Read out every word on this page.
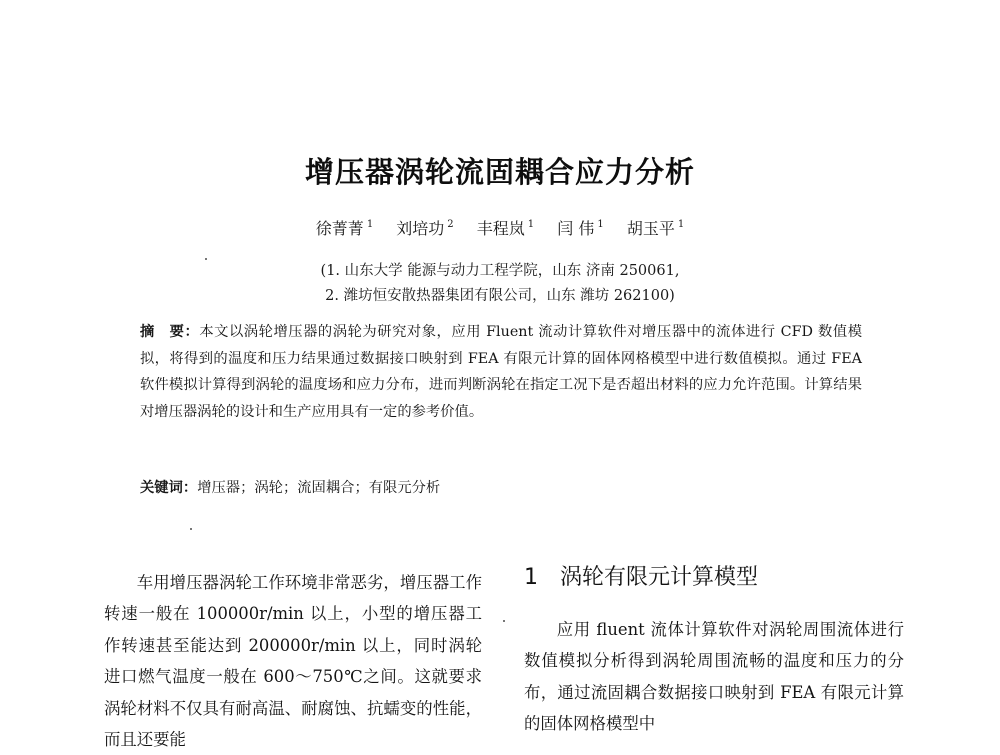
增压器涡轮流固耦合应力分析
徐菁菁 $^1$ 刘培功 $^2$ 丰程岚 $^1$ 闫 伟 $^1$ 胡玉平 $^1$
(1. 山东大学 能源与动力工程学院，山东 济南 250061,
2. 潍坊恒安散热器集团有限公司，山东 潍坊 262100)
摘　要：本文以涡轮增压器的涡轮为研究对象，应用 Fluent 流动计算软件对增压器中的流体进行 CFD 数值模拟，将得到的温度和压力结果通过数据接口映射到 FEA 有限元计算的固体网格模型中进行数值模拟。通过 FEA 软件模拟计算得到涡轮的温度场和应力分布，进而判断涡轮在指定工况下是否超出材料的应力允许范围。计算结果对增压器涡轮的设计和生产应用具有一定的参考价值。
关键词：增压器；涡轮；流固耦合；有限元分析
车用增压器涡轮工作环境非常恶劣，增压器工作转速一般在 100000r/min 以上，小型的增压器工作转速甚至能达到 200000r/min 以上，同时涡轮进口燃气温度一般在 600～750℃之间。这就要求涡轮材料不仅具有耐高温、耐腐蚀、抗蠕变的性能，而且还要能
1 涡轮有限元计算模型
应用 fluent 流体计算软件对涡轮周围流体进行数值模拟分析得到涡轮周围流畅的温度和压力的分布，通过流固耦合数据接口映射到 FEA 有限元计算的固体网格模型中
